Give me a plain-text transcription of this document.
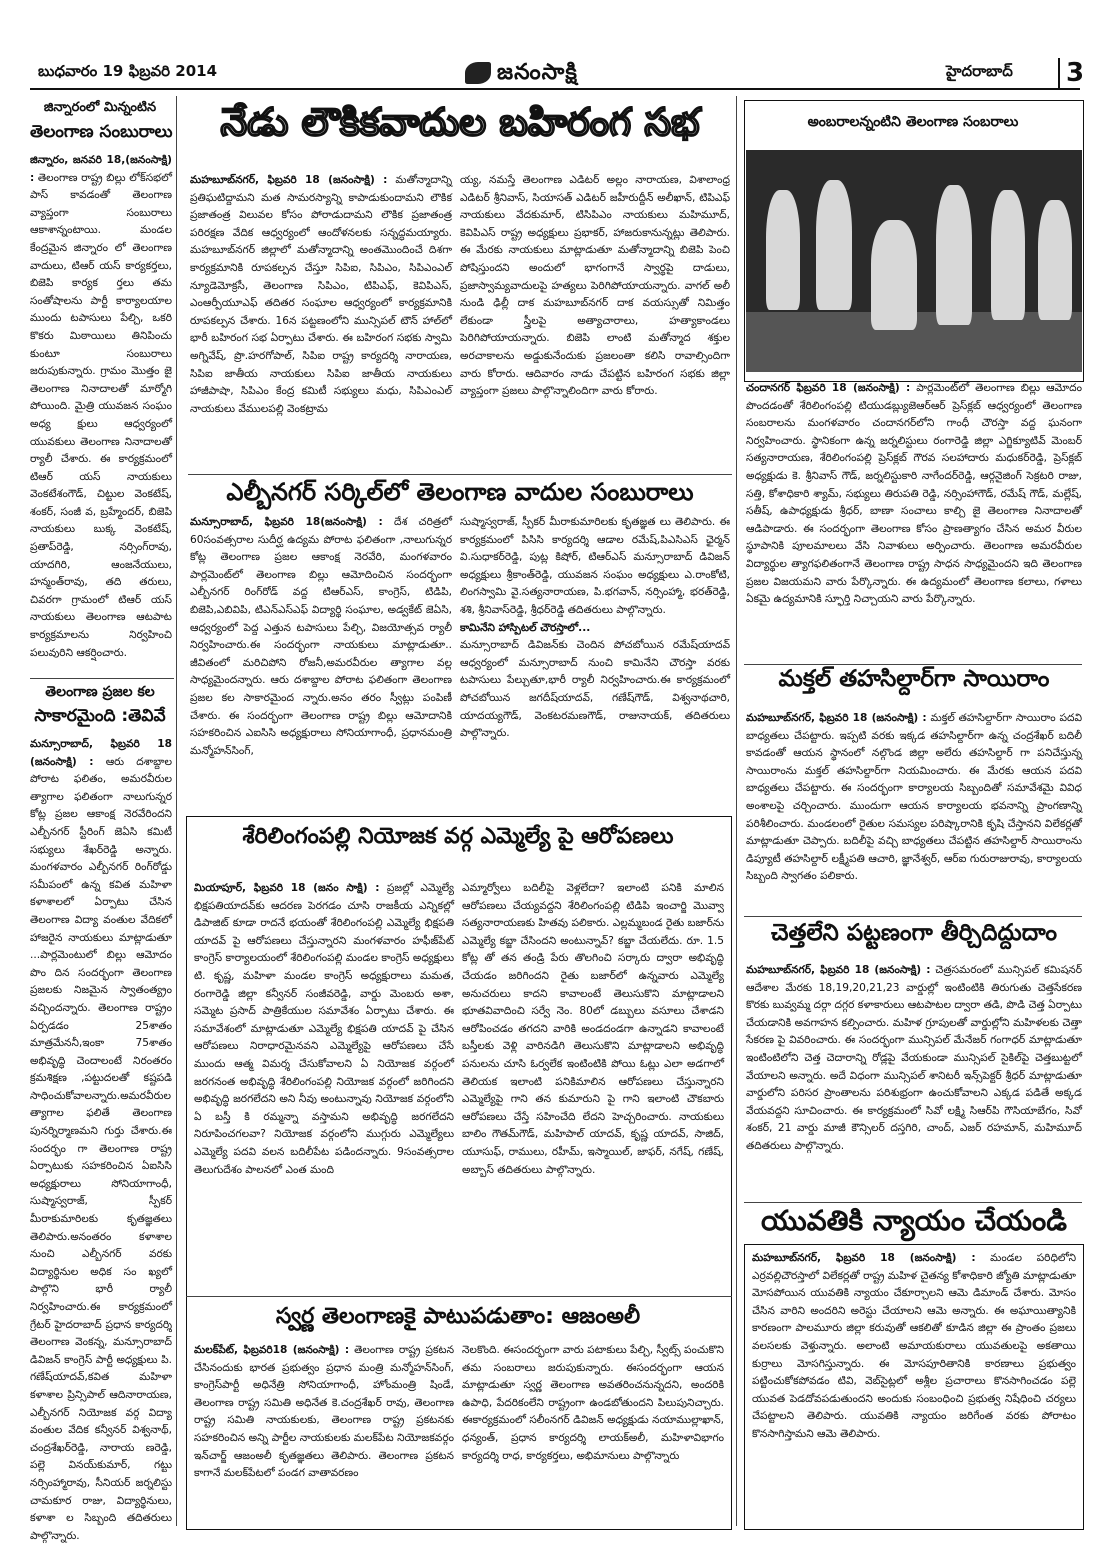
బుధవారం 19 ఫిబ్రవరి 2014	జనంసాక్షి	హైదరాబాద్	3
జిన్నారంలో మిన్నంటిన
తెలంగాణ సంబురాలు

జిన్నారం, జనవరి 18,(జనంసాక్షి) : తెలంగాణ రాష్ట్ర బిల్లు లోక్‌సభలో పాస్ కావడంతో తెలంగాణ వ్యాప్తంగా సంబురాలు ఆకాశాన్నంటాయి. మండల కేంద్రమైన జిన్నారం లో తెలంగాణ వాదులు, టిఆర్ యస్ కార్యకర్తలు, బిజెపి కార్యక ర్తలు తమ సంతోషాలను పార్టీ కార్యాలయాల ముందు టపాసులు పేల్చి, ఒకరి కొకరు మిఠాయిలు తినిపించు కుంటూ సంబురాలు జరుపుకున్నారు. గ్రామం మొత్తం జై తెలంగాణ నినాదాలతో మార్మోగి పోయింది. మైత్రి యువజన సంఘం అధ్య క్షులు ఆధ్వర్యంలో యువకులు తెలంగాణ నినాదాలతో ర్యాలీ చేశారు. ఈ కార్యక్రమంలో టిఆర్ యస్ నాయకులు వెంకటేశంగౌడ్, చిట్టుల వెంకటేష్, శంకర్, సంజీ వ, బ్రహ్మేందర్, బిజెపి నాయకులు బుక్క వెంకటేష్, ప్రతాప్‌రెడ్డి, నర్సింగ్‌రావు, యాదగిరి, ఆంజనేయులు, హన్మంత్‌రావు, తది తరులు, చివరగా గ్రామంలో టిఆర్ యస్ నాయకులు తెలంగాణ ఆటపాట కార్యక్రమాలను నిర్వహించి పలువురిని ఆకర్షించారు.

తెలంగాణ ప్రజల కల
సాకారమైంది :తెవివే

మన్సూరాబాద్, ఫిబ్రవరి 18 (జనంసాక్షి) : ఆరు దశాబ్దాల పోరాట ఫలితం, అమరవీరుల త్యాగాల ఫలితంగా నాలుగున్నర కోట్ల ప్రజల ఆకాంక్ష నెరవేరిందని ఎల్బీనగర్ స్టీరింగ్ జెఏసి కమిటీ సభ్యులు శేఖర్‌రెడ్డి అన్నారు. మంగళవారం ఎల్బీనగర్ రింగ్‌రోడ్డు సమీపంలో ఉన్న కవిత మహిళా కళాశాలలో ఏర్పాటు చేసిన తెలంగాణ విద్యా వంతుల వేదికలో హాజరైన నాయకులు మాట్లాడుతూ ...పార్లమెంటులో బిల్లు ఆమోదం పొం దిన సందర్భంగా తెలంగాణ ప్రజలకు నిజమైన స్వాతంత్య్రం వచ్చిందన్నారు. తెలంగాణ రాష్ట్రం ఏర్పడడం 25శాతం మాత్రమేననీ,ఇంకా 75శాతం అభివృద్ధి చెందాలంటే నిరంతరం క్రమశిక్షణ ,పట్టుదలతో కష్టపడి సాధించుకోవాలన్నారు.అమరవీరుల త్యాగాల ఫలితే తెలంగాణ పునర్నిర్మాణమని గుర్తు చేశారు.ఈ సందర్భం గా తెలంగాణ రాష్ట్ర ఏర్పాటుకు సహకరించిన ఏఐసిసి అధ్యక్షురాలు సోనియాగాంధీ, సుష్మాస్వరాజ్, స్పీకర్ మీరాకుమారిలకు కృతజ్ఞతలు తెలిపారు.అనంతరం కళాశాల నుంచి ఎల్బీనగర్ వరకు విద్యార్థినుల అధిక సం ఖ్యలో పాల్గొని భారీ ర్యాలీ నిర్వహించారు.ఈ కార్యక్రమంలో గ్రేటర్ హైదరాబాద్ ప్రధాన కార్యదర్శి తెలంగాణ వెంకన్న, మన్సూరాబాద్ డివిజన్ కాంగ్రెస్ పార్టీ అధ్యక్షులు పి. గణేష్‌యాదవ్,కవిత మహిళా కళాశాల ప్రిన్సిపాల్ ఆదినారాయణ, ఎల్బీనగర్ నియోజక వర్గ విద్యా వంతుల వేదిక కన్వీనర్ విశ్వనాథ్, చంద్రశేఖర్‌రెడ్డి, నారాయ ణరెడ్డి, పల్లె వినయ్‌కుమార్, గట్టు నర్సింహ్మారావు, సీనియర్ జర్నలిస్టు చామకూర రాజు, విద్యార్థినులు, కళాశా ల సిబ్బంది తదితరులు పాల్గొన్నారు.

నేడు లౌకికవాదుల బహిరంగ సభ

మహబూబ్‌నగర్, ఫిబ్రవరి 18 (జనంసాక్షి) : మతోన్మాదాన్ని ప్రతిఘటిద్దామని మత సామరస్యాన్ని కాపాడుకుందామని లౌకిక ప్రజాతంత్ర విలువల కోసం పోరాడుదామని లౌకిక ప్రజాతంత్ర పరిరక్షణ వేదిక ఆధ్వర్యంలో ఆందోళనలకు సన్నద్ధమయ్యారు. మహబూబ్‌నగర్ జిల్లాలో మతోన్మాదాన్ని అంతమొందించే దిశగా కార్యక్రమానికి రూపకల్పన చేస్తూ సిపిఐ, సిపిఎం, సిపిఎంఎల్ న్యూడెమోక్రసీ, తెలంగాణ సిపిఎం, టిపిఎఫ్, కెవిపిఎస్, ఎంఆర్పీయూఎఫ్ తదితర సంఘాల ఆధ్వర్యంలో కార్యక్రమానికి రూపకల్పన చేశారు. 16న పట్టణంలోని మున్సిపల్ టౌన్ హాల్‌లో భారీ బహిరంగ సభ ఏర్పాటు చేశారు. ఈ బహిరంగ సభకు స్వామి అగ్నివేష్, ప్రొ.హరగోపాల్, సిపిఐ రాష్ట్ర కార్యదర్శి నారాయణ, సిపిఐ జాతీయ నాయకులు సిపిఐ జాతీయ నాయకులు హాజీపాషా, సిపిఎం కేంద్ర కమిటీ సభ్యులు మధు, సిపిఎంఎల్ నాయకులు వేములపల్లి వెంకట్రామ

య్య, నమస్తే తెలంగాణ ఎడిటర్ అల్లం నారాయణ, విశాలాంధ్ర ఎడిటర్ శ్రీనివాస్, సియాసత్ ఎడిటర్ జహీరుద్దీన్ అలీఖాన్, టిపిఎఫ్ నాయకులు వేదకుమార్, టిసిపిఎం నాయకులు మహిమూద్, కెవిపిఎస్ రాష్ట్ర అధ్యక్షులు ప్రభాకర్, హాజరుకానున్నట్లు తెలిపారు. ఈ మేరకు నాయకులు మాట్లాడుతూ మతోన్మాదాన్ని బిజెపి పెంచి పోషిస్తుందని అందులో భాగంగానే స్వార్థపై దాడులు, ప్రజాస్వామ్యవాదులపై హత్యలు పెరిగిపోయాయన్నారు. వాగల్ అలీ నుండి ఢిల్లీ దాక మహబూబ్‌నగర్ దాక వయస్సుతో నిమిత్తం లేకుండా స్త్రీలపై అత్యాచారాలు, హత్యాకాండలు పెరిగిపోయాయన్నారు. బిజెపి లాంటి మతోన్మాద శక్తుల అరచాకాలను అడ్డుకునేందుకు ప్రజలంతా కలిసి రావాల్సిందిగా వారు కోరారు. ఆదివారం నాడు చేపట్టిన బహిరంగ సభకు జిల్లా వ్యాప్తంగా ప్రజలు పాల్గొన్నాలిందిగా వారు కోరారు.

ఎల్బీనగర్ సర్కిల్‌లో తెలంగాణ వాదుల సంబురాలు

మన్సూరాబాద్, ఫిబ్రవరి 18(జనంసాక్షి) : దేశ చరిత్రలో 60సంవత్సరాల సుదీర్ఘ ఉద్యమ పోరాట ఫలితంగా ,నాలుగున్నర కోట్ల తెలంగాణ ప్రజల ఆకాంక్ష నెరవేరి, మంగళవారం పార్లమెంట్‌లో తెలంగాణ బిల్లు ఆమోదించిన సందర్భంగా ఎల్బీనగర్ రింగ్‌రోడ్ వద్ద టిఆర్ఎస్, కాంగ్రెస్, టిడిపి, బిజెపి,ఎబివిపి, టిఎన్ఎస్ఎఫ్ విద్యార్థి సంఘాల, అడ్వకేట్ జెఏసి, ఆధ్వర్యంలో పెద్ద ఎత్తున టపాసులు పేల్చి, విజయోత్సవ ర్యాలీ నిర్వహించారు.ఈ సందర్భంగా నాయకులు మాట్లాడుతూ.. జీవితంలో మరిచిపోని రోజనీ,అమరవీరుల త్యాగాల వల్ల సాధ్యమైందన్నారు. ఆరు దశాబ్దాల పోరాట ఫలితంగా తెలంగాణ ప్రజల కల సాకారమైంద న్నారు.అనం తరం స్వీట్లు పంపిణీ చేశారు. ఈ సందర్భంగా తెలంగాణ రాష్ట్ర బిల్లు ఆమోదానికి సహకరించిన ఎఐసిసి అధ్యక్షురాలు సోనియాగాంధీ, ప్రధానమంత్రి మన్మోహన్‌సింగ్,

సుష్మాస్వరాజ్, స్పీకర్ మీరాకుమారిలకు కృతజ్ఞత లు తెలిపారు. ఈ కార్యక్రమంలో పిసిసి కార్యదర్శి ఆడాల రమేష్,పిఎసిఎస్ ఛైర్మన్ వి.సుధాకర్‌రెడ్డి, పుట్ల కిషోర్, టిఆర్ఎస్ మన్సూరాబాద్ డివిజన్ అధ్యక్షులు శ్రీకాంత్‌రెడ్డి, యువజన సంఘం అధ్యక్షులు ఎ.రాంకోటి, లింగస్వామి వై.సత్యనారాయణ, పి.భగవాన్, నర్సింహ్మా, భరత్‌రెడ్డి, శశి, శ్రీనివాస్‌రెడ్డి, శ్రీధర్‌రెడ్డి తదితరులు పాల్గొన్నారు.

కామినేని హాస్పిటల్ చౌరస్తాలో...

మన్సూరాబాద్ డివిజన్‌కు చెందిన పోచబోయిన రమేష్‌యాదవ్ ఆధ్వర్యంలో మన్సూరాబాద్ నుంచి కామినేని చౌరస్తా వరకు టపాసులు పేల్చుతూ,భారీ ర్యాలీ నిర్వహించారు.ఈ కార్యక్రమంలో పోచబోయిన జగదీష్‌యాదవ్, గణేష్‌గౌడ్, విశ్వనాథచారి, యాదయ్యగౌడ్, వెంకటరమణగౌడ్, రాజునాయక్, తదితరులు పాల్గొన్నారు.

శేరిలింగంపల్లి నియోజక వర్గ ఎమ్మెల్యే పై ఆరోపణలు

మియాపూర్, ఫిబ్రవరి 18 (జనం సాక్షి) : ప్రజల్లో ఎమ్మెల్యే భిక్షపతియాదవ్‌కు ఆదరణ పెరగడం చూసి రాజకీయ ఎన్నికల్లో డిపాజిట్ కూడా రాదనే భయంతో శేరిలింగంపల్లి ఎమ్మెల్యే భిక్షపతి యాదవ్ పై ఆరోపణలు చేస్తున్నారని మంగళవారం హఫీజ్‌పేట్ కాంగ్రెస్ కార్యాలయంలో శేరిలింగంపల్లి మండల కాంగ్రెస్ అధ్యక్షులు టి. కృష్ణ, మహిళా మండల కాంగ్రెస్ అధ్యక్షురాలు మమత, రంగారెడ్డి జిల్లా కన్వీనర్ సంజీవరెడ్డి, వార్డు మెంబరు అశా, సమ్మెట ప్రసాద్ పాత్రికేయుల సమావేశం ఏర్పాటు చేశారు. ఈ సమావేశంలో మాట్లాడుతూ ఎమ్మెల్యే భిక్షపతి యాదవ్ పై చేసిన ఆరోపణలు నిరాధారమైనవని ఎమ్మెల్యేపై ఆరోపణలు చేసే ముందు ఆత్మ విమర్శ చేసుకోవాలని ఏ నియోజక వర్గంలో జరగనంత అభివృద్ధి శేరిలింగంపల్లి నియోజక వర్గంలో జరిగిందని అభివృద్ధి జరగలేదని అని నీవు అంటున్నావు నియోజక వర్గంలోని ఏ బస్తీ కి రమ్మన్నా వస్తామని అభివృద్ధి జరగలేదని నిరూపించగలవా? నియోజక వర్గంలోని ముగ్గురు ఎమ్మెల్యేలు ఎమ్మెల్యే పదవి వలన బదిలీపేట పడిందన్నారు. 9సంవత్సరాల తెలుగుదేశం పాలనలో ఎంత మంది

ఎమ్మార్వోలు బదిలీపై వెళ్లలేదా? ఇలాంటి పనికి మాలిన ఆరోపణలు చేయ్యవద్దని శేరిలింగంపల్లి టిడిపి ఇంచార్జి మొవ్వా సత్యనారాయణకు హితవు పలికారు. ఎల్లమ్మబండ రైతు బజార్‌ను ఎమ్మెల్యే కబ్జా చేసిందని అంటున్నావ్? కబ్జా చేయలేదు. రూ. 1.5 కోట్ల తో తన తండ్రి పేరు తొలగించి సర్కారు ద్వారా అభివృద్ధి చేయడం జరిగిందని రైతు బజార్‌లో ఉన్నవారు ఎమ్మెల్యే అనుచరులు కాదని కావాలంటే తెలుసుకొని మాట్లాడాలని భూతవివాదించి సర్వే నెం. 80లో డబ్బులు వసూలు చేశాడని ఆరోపించడం తగదని వారికి అండదండగా ఉన్నాడని కావాలంటే బస్తీలకు వెళ్లి వారినడిగి తెలుసుకొని మాట్లాడాలని అభివృద్ధి పనులను చూసి ఓర్వలేక ఇంటింటికి పోయి ఓట్లు ఎలా అడగాలో తెలియక ఇలాంటి పనికిమాలిన ఆరోపణలు చేస్తున్నారని ఎమ్మెల్యేపై గాని తన కుమారుని పై గాని ఇలాంటి చౌకబారు ఆరోపణలు చేస్తే సహించేది లేదని హెచ్చరించారు. నాయకులు బాలిం గౌతమ్‌గౌడ్, మహిపాల్ యాదవ్, కృష్ణ యాదవ్, సాజిద్, యూసుఫ్, రాములు, రహీమ్, ఇస్మాయిల్, జాఫర్, నగేష్, గణేష్, అబ్బాస్ తదితరులు పాల్గొన్నారు.

స్వర్ణ తెలంగాణకై పాటుపడుతాం: ఆజంఅలీ

మలక్‌పేట్, ఫిబ్రవరి18 (జనంసాక్షి) : తెలంగాణ రాష్ట్ర ప్రకటన చేసినందుకు భారత ప్రభుత్వం ప్రధాన మంత్రి మన్మోహన్‌సింగ్, కాంగ్రెస్‌పార్టీ అధినేత్రి సోనియాగాంధీ, హోంమంత్రి షిండే, తెలంగాణ రాష్ట్ర సమితి అధినేత కె.చంద్రశేఖర్ రావు, తెలంగాణ రాష్ట్ర సమితి నాయకులకు, తెలంగాణ రాష్ట్ర ప్రకటనకు సహకరించిన అన్ని పార్టీల నాయకులకు మలక్‌పేట నియోజకవర్గం ఇన్‌చార్జ్ ఆజంఅలీ కృతజ్ఞతలు తెలిపారు. తెలంగాణ ప్రకటన కాగానే మలక్‌పేటలో పండగ వాతావరణం

నెలకొంది. ఈసందర్భంగా వారు పటాకులు పేల్చి, స్వీట్స్ పంచుకొని తమ సంబరాలు జరుపుకున్నారు. ఈసందర్భంగా ఆయన మాట్లాడుతూ స్వర్ణ తెలంగాణ అవతరించనున్నదని, అందరికి ఉపాధి, పేదరికంలేని రాష్ట్రంగా ఉండబోతుందని పిలుపునిచ్చారు. ఈకార్యక్రమంలో సలీంనగర్ డివిజన్ అధ్యక్షుడు నయాముల్లాఖాన్, ధన్యంత్, ప్రధాన కార్యదర్శి లాయక్‌అలీ, మహిళావిభాగం కార్యదర్శి రాధ, కార్యకర్తలు, అభిమానులు పాల్గొన్నారు

అంబరాలన్నంటిని తెలంగాణ సంబరాలు

చందానగర్ ఫిబ్రవరి 18 (జనంసాక్షి) : పార్లమెంట్‌లో తెలంగాణ బిల్లు ఆమోదం పొందడంతో శేరిలింగంపల్లి టియుడబ్ల్యుజెఆర్ఆర్ ప్రెస్‌క్లబ్ ఆధ్వర్యంలో తెలంగాణ సంబరాలను మంగళవారం చందానగర్‌లోని గాంధీ చౌరస్తా వద్ద ఘనంగా నిర్వహించారు. స్థానికంగా ఉన్న జర్నలిస్టులు రంగారెడ్డి జిల్లా ఎగ్జిక్యూటివ్ మెంబర్ సత్యనారాయణ, శేరిలింగంపల్లి ప్రెస్‌క్లబ్ గౌరవ సలహాదారు మధుకర్‌రెడ్డి, ప్రెస్‌క్లబ్ అధ్యక్షుడు కె. శ్రీనివాస్ గౌడ్, జర్నలిస్టుకారి నాగేందర్‌రెడ్డి, ఆర్గనైజింగ్ సెక్రటరి రాజు, సత్తి, కోశాధికారి శ్యామ్, సభ్యులు తిరుపతి రెడ్డి, నర్సింహాగౌడ్, రమేష్ గౌడ్, మల్లేష్, సతీష్, ఉపాధ్యక్షుడు శ్రీధర్, బాణా సంచాలు కాల్చి జై తెలంగాణ నినాదాలతో ఆడిపాడారు. ఈ సందర్భంగా తెలంగాణ కోసం ప్రాణత్యాగం చేసిన అమర వీరుల స్థూపానికి పూలమాలలు వేసి నివాళులు అర్పించారు. తెలంగాణ అమరవీరుల విద్యార్థుల త్యాగఫలితంగానే తెలంగాణ రాష్ట్ర సాధన సాధ్యమైందని ఇది తెలంగాణ ప్రజల విజయమని వారు పేర్కొన్నారు. ఈ ఉద్యమంలో తెలంగాణ కలాలు, గళాలు ఏకమై ఉద్యమానికి స్ఫూర్తి నిచ్చాయని వారు పేర్కొన్నారు.

మక్తల్ తహసిల్దార్‌గా సాయిరాం

మహబూబ్‌నగర్, ఫిబ్రవరి 18 (జనంసాక్షి) : మక్తల్ తహసిల్దార్‌గా సాయిరాం పదవి బాధ్యతలు చేపట్టారు. ఇప్పటి వరకు ఇక్కడ తహసిల్దార్‌గా ఉన్న చంద్రశేఖర్ బదిలీ కావడంతో ఆయన స్థానంలో నల్గొండ జిల్లా అలేరు తహసిల్దార్ గా పనిచేస్తున్న సాయిరాంను మక్తల్ తహసిల్దార్‌గా నియమించారు. ఈ మేరకు ఆయన పదవి బాధ్యతలు చేపట్టారు. ఈ సందర్భంగా కార్యాలయ సిబ్బందితో సమావేశమై వివిధ అంశాలపై చర్చించారు. ముందుగా ఆయన కార్యాలయ భవనాన్ని ప్రాంగణాన్ని పరిశీలించారు. మండలంలో రైతుల సమస్యల పరిష్కారానికి కృషి చేస్తానని విలేకర్లతో మాట్లాడుతూ చెప్పారు. బదిలీపై వచ్చి బాధ్యతలు చేపట్టిన తహసిల్దార్ సాయిరాంను డిప్యూటీ తహసిల్దార్ లక్ష్మీపతి ఆచారి, జ్ఞానేశ్వర్, ఆర్‌ఐ గురురాజురావు, కార్యాలయ సిబ్బంది స్వాగతం పలికారు.

చెత్తలేని పట్టణంగా తీర్చిదిద్దుదాం

మహబూబ్‌నగర్, ఫిబ్రవరి 18 (జనంసాక్షి) : చెత్రసమరంలో మున్సిపల్ కమిషనర్ ఆదేశాల మేరకు 18,19,20,21,23 వార్డుల్లో ఇంటింటికి తిరుగుతు చెత్తసేకరణ కొరకు బువ్వమ్మ దర్గా దగ్గర కళాకారులు ఆటపాటల ద్వారా తడి, పొడి చెత్త ఏర్పాటు చేయడానికి అవగాహన కల్పించారు. మహిళ గ్రూపులతో వార్డుల్లోని మహిళలకు చెత్తా సేకరణ పై వివరించారు. ఈ సందర్భంగా మున్సిపల్ మేనేజర్ గంగాధర్ మాట్లాడుతూ ఇంటింటిలోని చెత్త చెదారాన్ని రోడ్లపై వేయకుండా మున్సిపల్ సైకిల్‌పై చెత్తబుట్టలో వేయాలని అన్నారు. అదే విధంగా మున్సిపల్ శానిటరీ ఇన్స్‌పెక్టర్ శ్రీధర్ మాట్లాడుతూ వార్డులోని పరిసర ప్రాంతాలను పరిశుభ్రంగా ఉంచుకోవాలని ఎక్కడ పడితే అక్కడ వేయవద్దని సూచించారు. ఈ కార్యక్రమంలో సివో లక్ష్మి సిఆర్‌పి గౌసియాబేగం, సివో శంకర్, 21 వార్డు మాజీ కౌన్సిలర్ దస్తగిరి, చాంద్, ఎజర్ రహమాన్, మహిమూద్ తదితరులు పాల్గొన్నారు.

యువతికి న్యాయం చేయండి

మహబూబ్‌నగర్, ఫిబ్రవరి 18 (జనంసాక్షి) : మండల పరిధిలోని ఎర్రవల్లిచౌరస్తాలో విలేకర్లతో రాష్ట్ర మహిళ చైతన్య కోశాధికారి జ్యోతి మాట్లాడుతూ మోసపోయిన యువతికి న్యాయం చేకూర్చాలని ఆమె డిమాండ్ చేశారు. మోసం చేసిన వారిని అందరిని అరెస్టు చేయాలని ఆమె అన్నారు. ఈ అఘాయిత్యానికి కారణంగా పాలమూరు జిల్లా కరువుతో ఆకలితో కూడిన జిల్లా ఈ ప్రాంతం ప్రజలు వలసలకు వెళ్తున్నారు. అలాంటి అమాయకురాలు యువతులపై అకతాయి కుర్రాలు మోసగిస్తున్నారు. ఈ మోసపూరితానికి కారణాలు ప్రభుత్వం పట్టించుకోకపోవడం టివి, వెబ్‌సైట్లలో అశ్లీల ప్రచారాలు కొనసాగించడం పల్లె యువత పెడదోవపడుతుందని అందుకు సంబంధించి ప్రభుత్వ నిషేధించి చర్యలు చేపట్టాలని తెలిపారు. యువతికి న్యాయం జరిగేంత వరకు పోరాటం కొనసాగిస్తామని ఆమె తెలిపారు.
